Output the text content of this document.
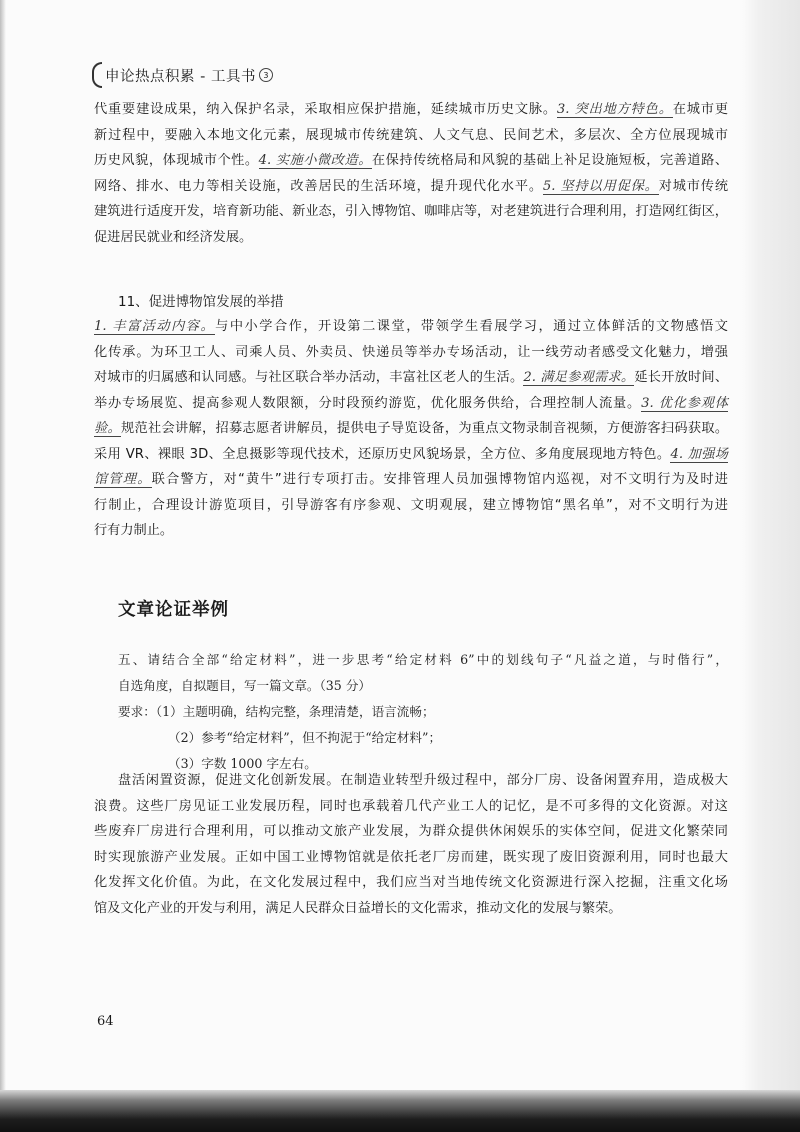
申论热点积累 - 工具书 3
代重要建设成果，纳入保护名录，采取相应保护措施，延续城市历史文脉。3. 突出地方特色。在城市更
新过程中，要融入本地文化元素，展现城市传统建筑、人文气息、民间艺术，多层次、全方位展现城市
历史风貌，体现城市个性。4. 实施小微改造。在保持传统格局和风貌的基础上补足设施短板，完善道路、
网络、排水、电力等相关设施，改善居民的生活环境，提升现代化水平。5. 坚持以用促保。对城市传统
建筑进行适度开发，培育新功能、新业态，引入博物馆、咖啡店等，对老建筑进行合理利用，打造网红街区，
促进居民就业和经济发展。
11、促进博物馆发展的举措
1. 丰富活动内容。与中小学合作，开设第二课堂，带领学生看展学习，通过立体鲜活的文物感悟文
化传承。为环卫工人、司乘人员、外卖员、快递员等举办专场活动，让一线劳动者感受文化魅力，增强
对城市的归属感和认同感。与社区联合举办活动，丰富社区老人的生活。2. 满足参观需求。延长开放时间、
举办专场展览、提高参观人数限额，分时段预约游览，优化服务供给，合理控制人流量。3. 优化参观体
验。规范社会讲解，招募志愿者讲解员，提供电子导览设备，为重点文物录制音视频，方便游客扫码获取。
采用 VR、裸眼 3D、全息摄影等现代技术，还原历史风貌场景，全方位、多角度展现地方特色。4. 加强场
馆管理。联合警方，对“黄牛”进行专项打击。安排管理人员加强博物馆内巡视，对不文明行为及时进
行制止，合理设计游览项目，引导游客有序参观、文明观展，建立博物馆“黑名单”，对不文明行为进
行有力制止。
文章论证举例
五、请结合全部“给定材料”，进一步思考“给定材料 6”中的划线句子“凡益之道，与时偕行”，
自选角度，自拟题目，写一篇文章。（35 分）
要求：（1）主题明确，结构完整，条理清楚，语言流畅；
（2）参考“给定材料”，但不拘泥于“给定材料”；
（3）字数 1000 字左右。
盘活闲置资源，促进文化创新发展。在制造业转型升级过程中，部分厂房、设备闲置弃用，造成极大
浪费。这些厂房见证工业发展历程，同时也承载着几代产业工人的记忆，是不可多得的文化资源。对这
些废弃厂房进行合理利用，可以推动文旅产业发展，为群众提供休闲娱乐的实体空间，促进文化繁荣同
时实现旅游产业发展。正如中国工业博物馆就是依托老厂房而建，既实现了废旧资源利用，同时也最大
化发挥文化价值。为此，在文化发展过程中，我们应当对当地传统文化资源进行深入挖掘，注重文化场
馆及文化产业的开发与利用，满足人民群众日益增长的文化需求，推动文化的发展与繁荣。
64
